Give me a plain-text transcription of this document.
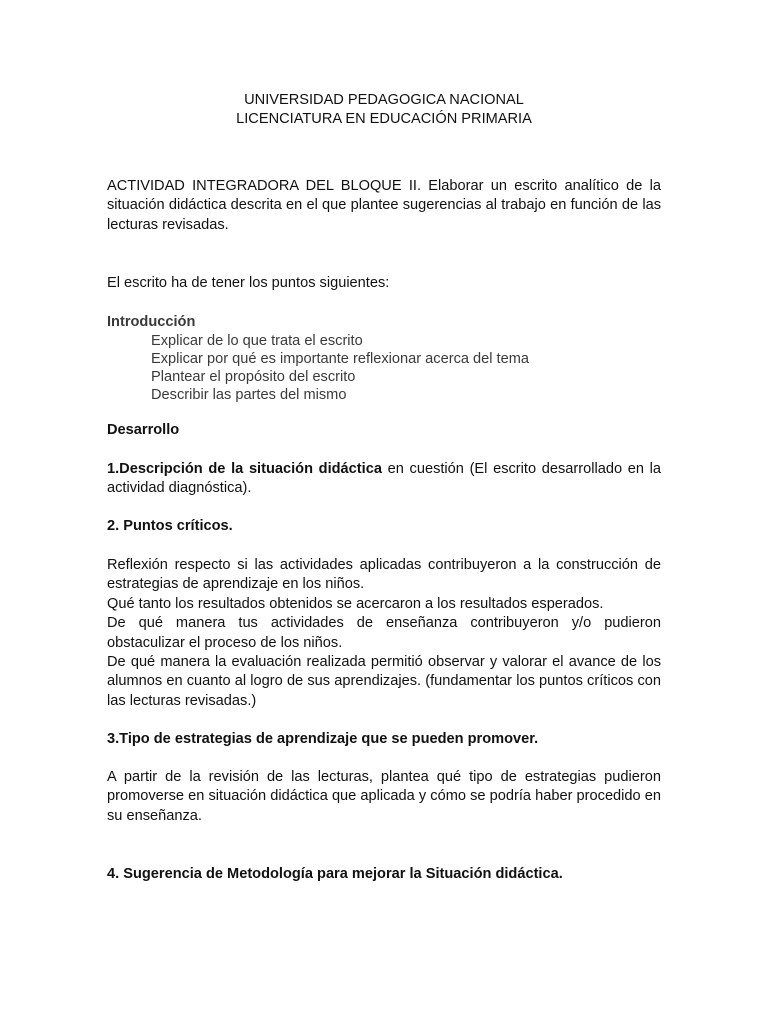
UNIVERSIDAD PEDAGOGICA NACIONAL
LICENCIATURA EN EDUCACIÓN PRIMARIA

ACTIVIDAD INTEGRADORA DEL BLOQUE II. Elaborar un escrito analítico de la situación didáctica descrita en el que plantee sugerencias al trabajo en función de las lecturas revisadas.

El escrito ha de tener los puntos siguientes:

Introducción
Explicar de lo que trata el escrito
Explicar por qué es importante reflexionar acerca del tema
Plantear el propósito del escrito
Describir las partes del mismo

Desarrollo

1.Descripción de la situación didáctica en cuestión (El escrito desarrollado en la actividad diagnóstica).

2. Puntos críticos.

Reflexión respecto si las actividades aplicadas contribuyeron a la construcción de estrategias de aprendizaje en los niños.

Qué tanto los resultados obtenidos se acercaron a los resultados esperados.

De qué manera tus actividades de enseñanza contribuyeron y/o pudieron obstaculizar el proceso de los niños.

De qué manera la evaluación realizada permitió observar y valorar el avance de los alumnos en cuanto al logro de sus aprendizajes. (fundamentar los puntos críticos con las lecturas revisadas.)

3.Tipo de estrategias de aprendizaje que se pueden promover.

A partir de la revisión de las lecturas, plantea qué tipo de estrategias pudieron promoverse en situación didáctica que aplicada y cómo se podría haber procedido en su enseñanza.

4. Sugerencia de Metodología para mejorar la Situación didáctica.
